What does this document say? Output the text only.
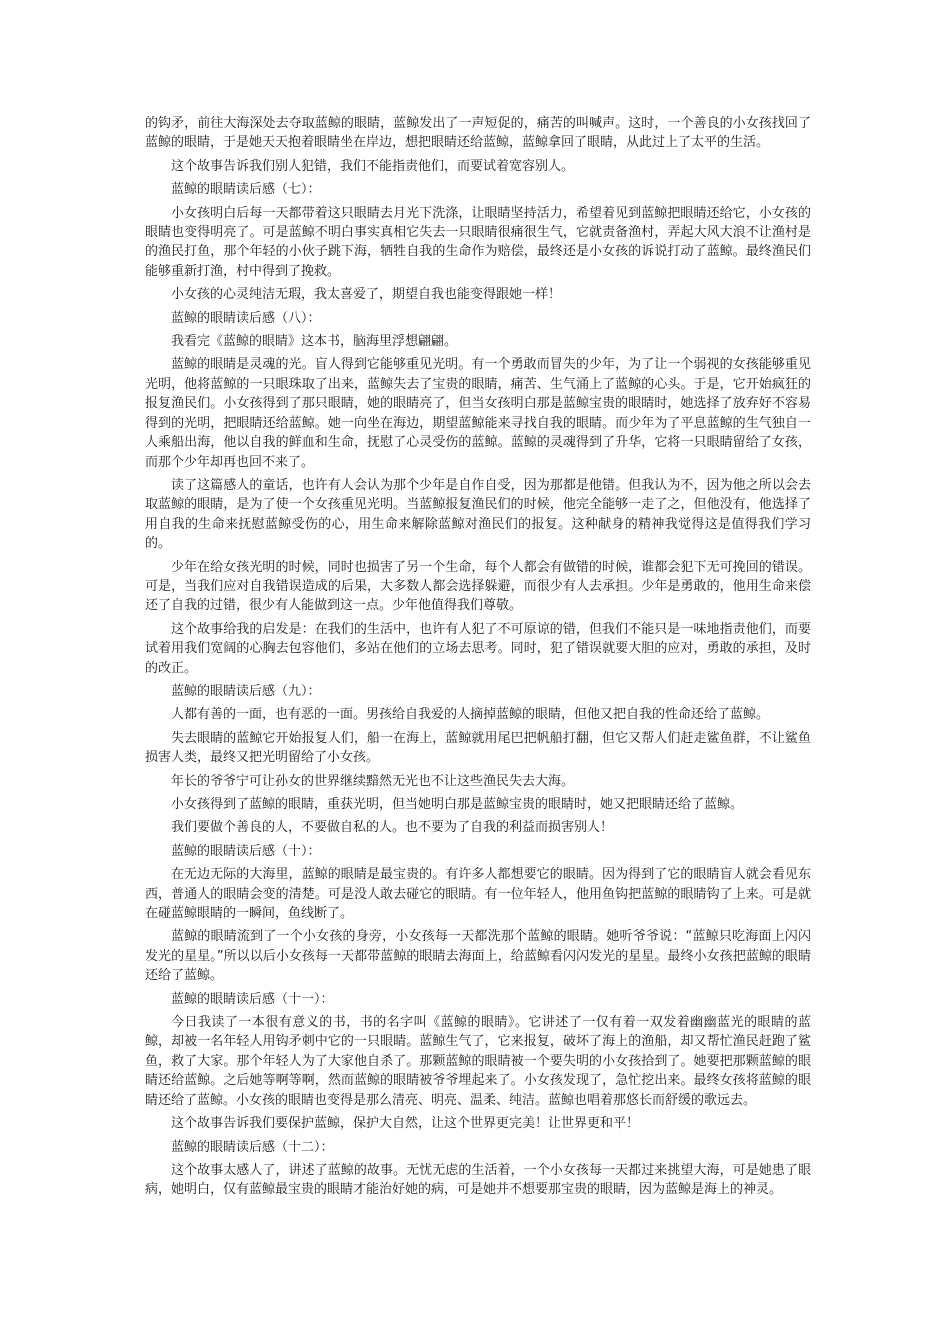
的钩矛，前往大海深处去夺取蓝鲸的眼睛，蓝鲸发出了一声短促的，痛苦的叫喊声。这时，一个善良的小女孩找回了蓝鲸的眼睛，于是她天天抱着眼睛坐在岸边，想把眼睛还给蓝鲸，蓝鲸拿回了眼睛，从此过上了太平的生活。

这个故事告诉我们别人犯错，我们不能指责他们，而要试着宽容别人。

蓝鲸的眼睛读后感（七）：

小女孩明白后每一天都带着这只眼睛去月光下洗涤，让眼睛坚持活力，希望着见到蓝鲸把眼睛还给它，小女孩的眼睛也变得明亮了。可是蓝鲸不明白事实真相它失去一只眼睛很痛很生气，它就责备渔村，弄起大风大浪不让渔村是的渔民打鱼，那个年轻的小伙子跳下海，牺牲自我的生命作为赔偿，最终还是小女孩的诉说打动了蓝鲸。最终渔民们能够重新打渔，村中得到了挽救。

小女孩的心灵纯洁无瑕，我太喜爱了，期望自我也能变得跟她一样！

蓝鲸的眼睛读后感（八）：

我看完《蓝鲸的眼睛》这本书，脑海里浮想翩翩。

蓝鲸的眼睛是灵魂的光。盲人得到它能够重见光明。有一个勇敢而冒失的少年，为了让一个弱视的女孩能够重见光明，他将蓝鲸的一只眼珠取了出来，蓝鲸失去了宝贵的眼睛，痛苦、生气涌上了蓝鲸的心头。于是，它开始疯狂的报复渔民们。小女孩得到了那只眼睛，她的眼睛亮了，但当女孩明白那是蓝鲸宝贵的眼睛时，她选择了放弃好不容易得到的光明，把眼睛还给蓝鲸。她一向坐在海边，期望蓝鲸能来寻找自我的眼睛。而少年为了平息蓝鲸的生气独自一人乘船出海，他以自我的鲜血和生命，抚慰了心灵受伤的蓝鲸。蓝鲸的灵魂得到了升华，它将一只眼睛留给了女孩，而那个少年却再也回不来了。

读了这篇感人的童话，也许有人会认为那个少年是自作自受，因为那都是他错。但我认为不，因为他之所以会去取蓝鲸的眼睛，是为了使一个女孩重见光明。当蓝鲸报复渔民们的时候，他完全能够一走了之，但他没有，他选择了用自我的生命来抚慰蓝鲸受伤的心，用生命来解除蓝鲸对渔民们的报复。这种献身的精神我觉得这是值得我们学习的。

少年在给女孩光明的时候，同时也损害了另一个生命，每个人都会有做错的时候，谁都会犯下无可挽回的错误。可是，当我们应对自我错误造成的后果，大多数人都会选择躲避，而很少有人去承担。少年是勇敢的，他用生命来偿还了自我的过错，很少有人能做到这一点。少年他值得我们尊敬。

这个故事给我的启发是：在我们的生活中，也许有人犯了不可原谅的错，但我们不能只是一味地指责他们，而要试着用我们宽阔的心胸去包容他们，多站在他们的立场去思考。同时，犯了错误就要大胆的应对，勇敢的承担，及时的改正。

蓝鲸的眼睛读后感（九）：

人都有善的一面，也有恶的一面。男孩给自我爱的人摘掉蓝鲸的眼睛，但他又把自我的性命还给了蓝鲸。

失去眼睛的蓝鲸它开始报复人们，船一在海上，蓝鲸就用尾巴把帆船打翻，但它又帮人们赶走鲨鱼群，不让鲨鱼损害人类，最终又把光明留给了小女孩。

年长的爷爷宁可让孙女的世界继续黯然无光也不让这些渔民失去大海。

小女孩得到了蓝鲸的眼睛，重获光明，但当她明白那是蓝鲸宝贵的眼睛时，她又把眼睛还给了蓝鲸。

我们要做个善良的人，不要做自私的人。也不要为了自我的利益而损害别人！

蓝鲸的眼睛读后感（十）：

在无边无际的大海里，蓝鲸的眼睛是最宝贵的。有许多人都想要它的眼睛。因为得到了它的眼睛盲人就会看见东西，普通人的眼睛会变的清楚。可是没人敢去碰它的眼睛。有一位年轻人，他用鱼钩把蓝鲸的眼睛钩了上来。可是就在碰蓝鲸眼睛的一瞬间，鱼线断了。

蓝鲸的眼睛流到了一个小女孩的身旁，小女孩每一天都洗那个蓝鲸的眼睛。她听爷爷说：“蓝鲸只吃海面上闪闪发光的星星。”所以以后小女孩每一天都带蓝鲸的眼睛去海面上，给蓝鲸看闪闪发光的星星。最终小女孩把蓝鲸的眼睛还给了蓝鲸。

蓝鲸的眼睛读后感（十一）：

今日我读了一本很有意义的书，书的名字叫《蓝鲸的眼睛》。它讲述了一仅有着一双发着幽幽蓝光的眼睛的蓝鲸，却被一名年轻人用钩矛刺中它的一只眼睛。蓝鲸生气了，它来报复，破坏了海上的渔船，却又帮忙渔民赶跑了鲨鱼，救了大家。那个年轻人为了大家他自杀了。那颗蓝鲸的眼睛被一个要失明的小女孩拾到了。她要把那颗蓝鲸的眼睛还给蓝鲸。之后她等啊等啊，然而蓝鲸的眼睛被爷爷埋起来了。小女孩发现了，急忙挖出来。最终女孩将蓝鲸的眼睛还给了蓝鲸。小女孩的眼睛也变得是那么清亮、明亮、温柔、纯洁。蓝鲸也唱着那悠长而舒缓的歌远去。

这个故事告诉我们要保护蓝鲸，保护大自然，让这个世界更完美！让世界更和平！

蓝鲸的眼睛读后感（十二）：

这个故事太感人了，讲述了蓝鲸的故事。无忧无虑的生活着，一个小女孩每一天都过来挑望大海，可是她患了眼病，她明白，仅有蓝鲸最宝贵的眼睛才能治好她的病，可是她并不想要那宝贵的眼睛，因为蓝鲸是海上的神灵。
